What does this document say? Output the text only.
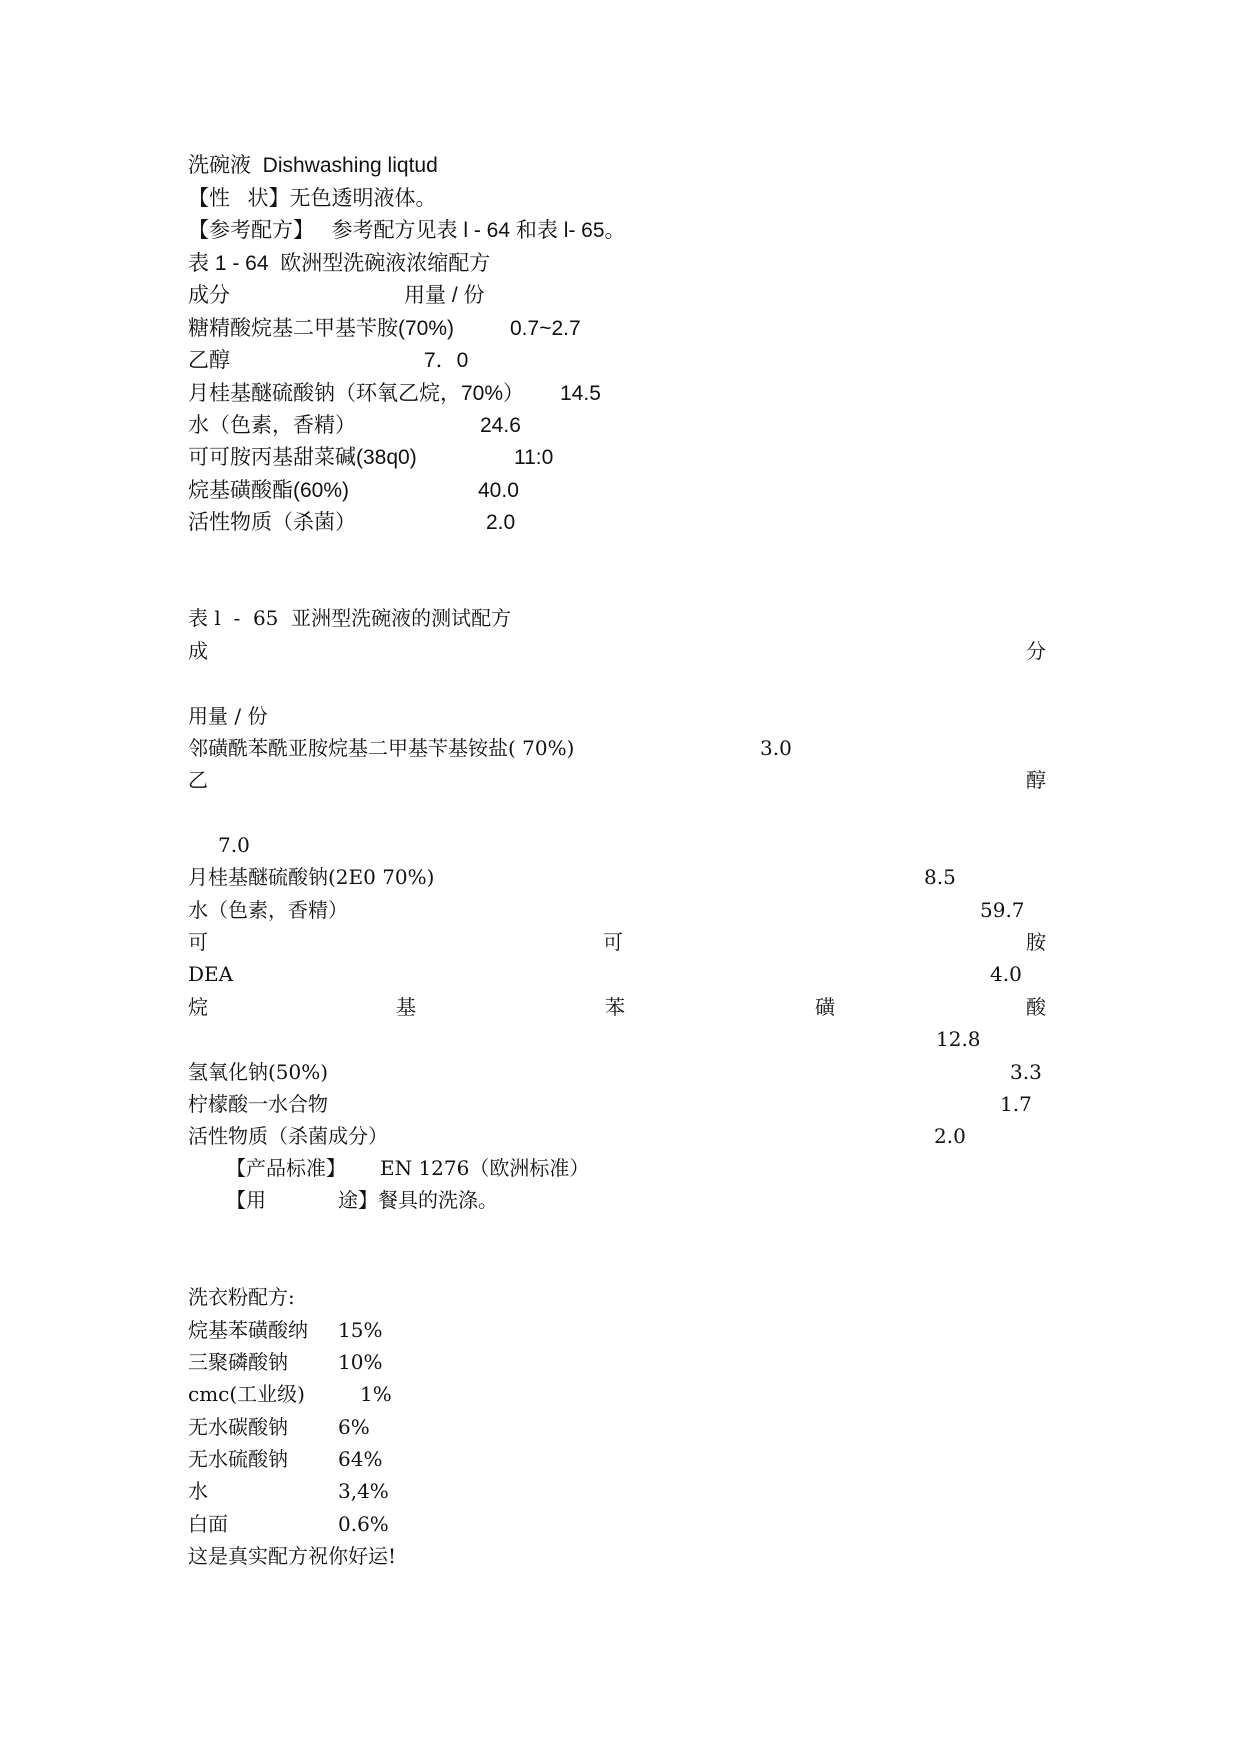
洗碗液  Dishwashing liqtud
【性   状】无色透明液体。
【参考配方】   参考配方见表 l - 64 和表 l- 65。
表 1 - 64  欧洲型洗碗液浓缩配方
成分	用量 / 份
糖精酸烷基二甲基苄胺(70%)	0.7~2.7
乙醇	7．0
月桂基醚硫酸钠（环氧乙烷，70%） 14.5
水（色素，香精）	24.6
可可胺丙基甜菜碱(38q0)	11:0
烷基磺酸酯(60%)	40.0
活性物质（杀菌）	2.0
表 l  -  65  亚洲型洗碗液的测试配方
成	分
用量 / 份
邻磺酰苯酰亚胺烷基二甲基苄基铵盐( 70%)	3.0
乙	醇
7.0
月桂基醚硫酸钠(2E0 70%)	8.5
水（色素，香精）	59.7
可	可	胺
DEA	4.0
烷	基	苯	磺	酸
12.8
氢氧化钠(50%)	3.3
柠檬酸一水合物	1.7
活性物质（杀菌成分）	2.0
【产品标准】 EN 1276（欧洲标准）
【用	途】餐具的洗涤。
洗衣粉配方:
烷基苯磺酸纳 15%
三聚磷酸钠	10%
cmc(工业级)	1%
无水碳酸钠	6%
无水硫酸钠	64%
水	3,4%
白面	0.6%
这是真实配方祝你好运!
